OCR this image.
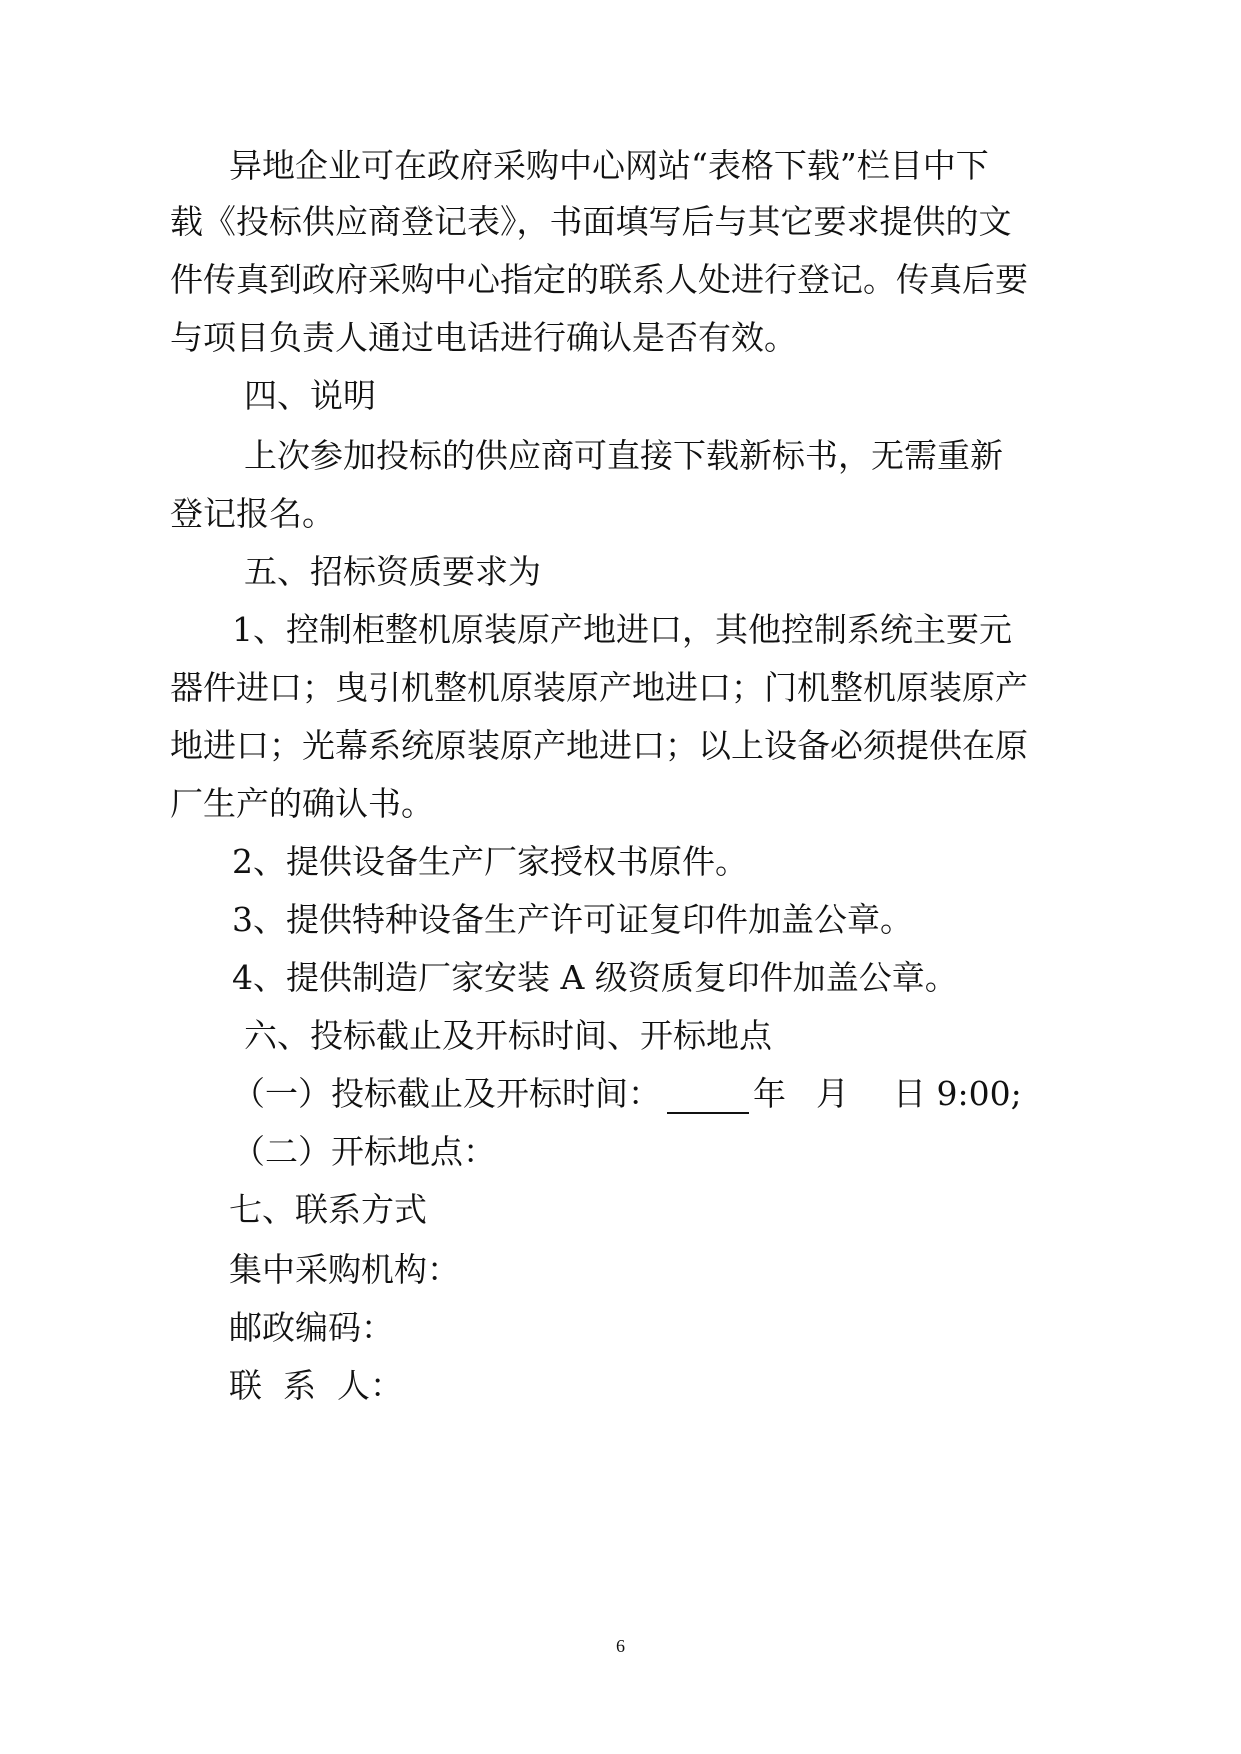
异地企业可在政府采购中心网站“表格下载”栏目中下
载《投标供应商登记表》，书面填写后与其它要求提供的文
件传真到政府采购中心指定的联系人处进行登记。传真后要
与项目负责人通过电话进行确认是否有效。
四、说明
上次参加投标的供应商可直接下载新标书，无需重新
登记报名。
五、招标资质要求为
1、控制柜整机原装原产地进口，其他控制系统主要元
器件进口；曳引机整机原装原产地进口；门机整机原装原产
地进口；光幕系统原装原产地进口；以上设备必须提供在原
厂生产的确认书。
2、提供设备生产厂家授权书原件。
3、提供特种设备生产许可证复印件加盖公章。
4、提供制造厂家安装 A 级资质复印件加盖公章。
六、投标截止及开标时间、开标地点
（一）投标截止及开标时间：	年 月 日 9:00;
（二）开标地点：
七、联系方式
集中采购机构：
邮政编码：
联  系  人：
6
